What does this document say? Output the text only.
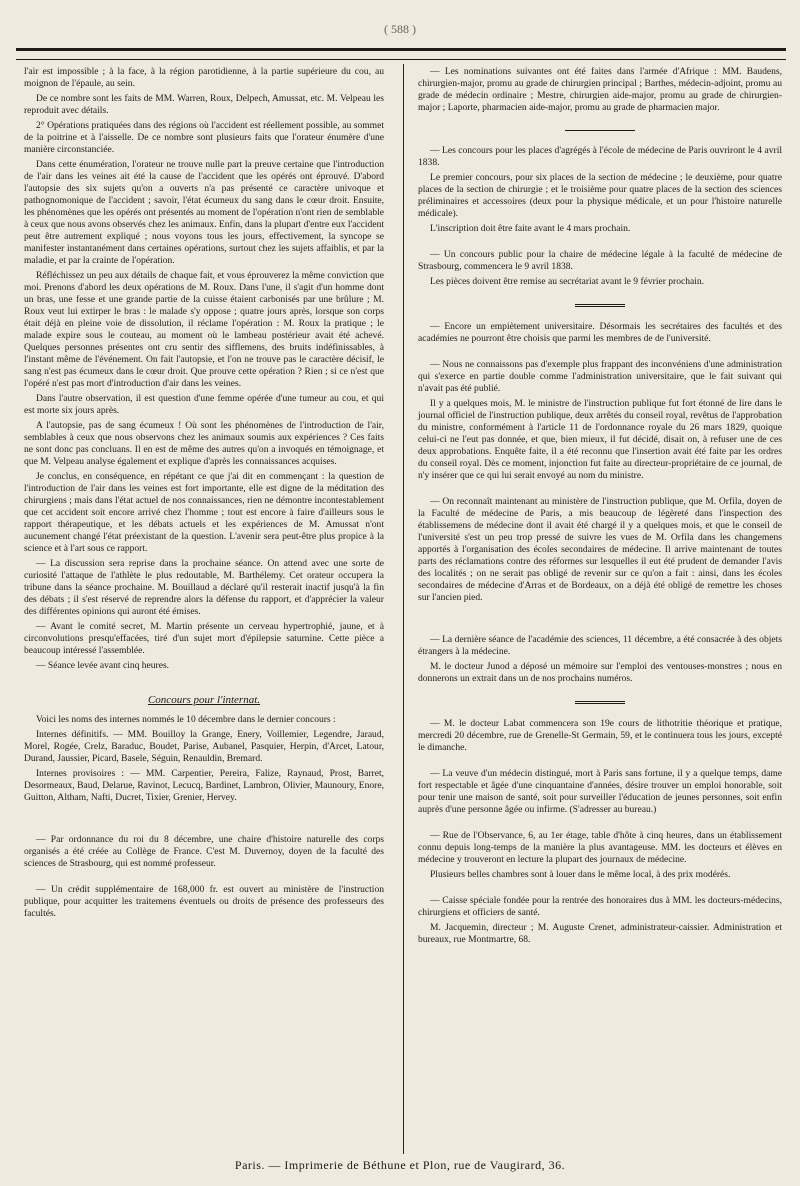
( 588 )

l'air est impossible ; à la face, à la région parotidienne, à la partie supérieure du cou, au moignon de l'épaule, au sein.

De ce nombre sont les faits de MM. Warren, Roux, Delpech, Amussat, etc. M. Velpeau les reproduit avec détails.

2° Opérations pratiquées dans des régions où l'accident est réellement possible, au sommet de la poitrine et à l'aisselle. De ce nombre sont plusieurs faits que l'orateur énumère d'une manière circonstanciée.

Dans cette énumération, l'orateur ne trouve nulle part la preuve certaine que l'introduction de l'air dans les veines ait été la cause de l'accident que les opérés ont éprouvé. D'abord l'autopsie des six sujets qu'on a ouverts n'a pas présenté ce caractère univoque et pathognomonique de l'accident ; savoir, l'état écumeux du sang dans le cœur droit. Ensuite, les phénomènes que les opérés ont présentés au moment de l'opération n'ont rien de semblable à ceux que nous avons observés chez les animaux. Enfin, dans la plupart d'entre eux l'accident peut être autrement expliqué ; nous voyons tous les jours, effectivement, la syncope se manifester instantanément dans certaines opérations, surtout chez les sujets affaiblis, et par la maladie, et par la crainte de l'opération.

Réfléchissez un peu aux détails de chaque fait, et vous éprouverez la même conviction que moi. Prenons d'abord les deux opérations de M. Roux. Dans l'une, il s'agit d'un homme dont un bras, une fesse et une grande partie de la cuisse étaient carbonisés par une brûlure ; M. Roux veut lui extirper le bras : le malade s'y oppose ; quatre jours après, lorsque son corps était déjà en pleine voie de dissolution, il réclame l'opération : M. Roux la pratique ; le malade expire sous le couteau, au moment où le lambeau postérieur avait été achevé. Quelques personnes présentes ont cru sentir des sifflemens, des bruits indéfinissables, à l'instant même de l'événement. On fait l'autopsie, et l'on ne trouve pas le caractère décisif, le sang n'est pas écumeux dans le cœur droit. Que prouve cette opération ? Rien ; si ce n'est que l'opéré n'est pas mort d'introduction d'air dans les veines.

Dans l'autre observation, il est question d'une femme opérée d'une tumeur au cou, et qui est morte six jours après.

A l'autopsie, pas de sang écumeux ! Où sont les phénomènes de l'introduction de l'air, semblables à ceux que nous observons chez les animaux soumis aux expériences ? Ces faits ne sont donc pas concluans. Il en est de même des autres qu'on a invoqués en témoignage, et que M. Velpeau analyse également et explique d'après les connaissances acquises.

Je conclus, en conséquence, en répétant ce que j'ai dit en commençant : la question de l'introduction de l'air dans les veines est fort importante, elle est digne de la méditation des chirurgiens ; mais dans l'état actuel de nos connaissances, rien ne démontre incontestablement que cet accident soit encore arrivé chez l'homme ; tout est encore à faire d'ailleurs sous le rapport thérapeutique, et les débats actuels et les expériences de M. Amussat n'ont aucunement changé l'état préexistant de la question. L'avenir sera peut-être plus propice à la science et à l'art sous ce rapport.

— La discussion sera reprise dans la prochaine séance. On attend avec une sorte de curiosité l'attaque de l'athlète le plus redoutable, M. Barthélemy. Cet orateur occupera la tribune dans la séance prochaine. M. Bouillaud a déclaré qu'il resterait inactif jusqu'à la fin des débats ; il s'est réservé de reprendre alors la défense du rapport, et d'apprécier la valeur des différentes opinions qui auront été émises.

— Avant le comité secret, M. Martin présente un cerveau hypertrophié, jaune, et à circonvolutions presqu'effacées, tiré d'un sujet mort d'épilepsie saturnine. Cette pièce a beaucoup intéressé l'assemblée.

— Séance levée avant cinq heures.

Concours pour l'internat.

Voici les noms des internes nommés le 10 décembre dans le dernier concours :

Internes définitifs. — MM. Bouilloy la Grange, Enery, Voillemier, Legendre, Jaraud, Morel, Rogée, Crelz, Baraduc, Boudet, Parise, Aubanel, Pasquier, Herpin, d'Arcet, Latour, Durand, Jaussier, Picard, Basele, Séguin, Renauldin, Bremard.

Internes provisoires : — MM. Carpentier, Pereira, Falize, Raynaud, Prost, Barret, Desormeaux, Baud, Delarue, Ravinot, Lecucq, Bardinet, Lambron, Olivier, Maunoury, Enore, Guitton, Altham, Nafti, Ducret, Tixier, Grenier, Hervey.

— Par ordonnance du roi du 8 décembre, une chaire d'histoire naturelle des corps organisés a été créée au Collège de France. C'est M. Duvernoy, doyen de la faculté des sciences de Strasbourg, qui est nommé professeur.

— Un crédit supplémentaire de 168,000 fr. est ouvert au ministère de l'instruction publique, pour acquitter les traitemens éventuels ou droits de présence des professeurs des facultés.

— Les nominations suivantes ont été faites dans l'armée d'Afrique : MM. Baudens, chirurgien-major, promu au grade de chirurgien principal ; Barthes, médecin-adjoint, promu au grade de médecin ordinaire ; Mestre, chirurgien aide-major, promu au grade de chirurgien-major ; Laporte, pharmacien aide-major, promu au grade de pharmacien major.

— Les concours pour les places d'agrégés à l'école de médecine de Paris ouvriront le 4 avril 1838.

Le premier concours, pour six places de la section de médecine ; le deuxième, pour quatre places de la section de chirurgie ; et le troisième pour quatre places de la section des sciences préliminaires et accessoires (deux pour la physique médicale, et un pour l'histoire naturelle médicale).

L'inscription doit être faite avant le 4 mars prochain.

— Un concours public pour la chaire de médecine légale à la faculté de médecine de Strasbourg, commencera le 9 avril 1838.

Les pièces doivent être remise au secrétariat avant le 9 février prochain.

— Encore un empiètement universitaire. Désormais les secrétaires des facultés et des académies ne pourront être choisis que parmi les membres de de l'université.

— Nous ne connaissons pas d'exemple plus frappant des inconvéniens d'une administration qui s'exerce en partie double comme l'administration universitaire, que le fait suivant qui n'avait pas été publié.

Il y a quelques mois, M. le ministre de l'instruction publique fut fort étonné de lire dans le journal officiel de l'instruction publique, deux arrêtés du conseil royal, revêtus de l'approbation du ministre, conformément à l'article 11 de l'ordonnance royale du 26 mars 1829, quoique celui-ci ne l'eut pas donnée, et que, bien mieux, il fut décidé, disait on, à refuser une de ces deux approbations. Enquête faite, il a été reconnu que l'insertion avait été faite par les ordres du conseil royal. Dès ce moment, injonction fut faite au directeur-propriétaire de ce journal, de n'y insérer que ce qui lui serait envoyé au nom du ministre.

— On reconnaît maintenant au ministère de l'instruction publique, que M. Orfila, doyen de la Faculté de médecine de Paris, a mis beaucoup de légèreté dans l'inspection des établissemens de médecine dont il avait été chargé il y a quelques mois, et que le conseil de l'université s'est un peu trop pressé de suivre les vues de M. Orfila dans les changemens apportés à l'organisation des écoles secondaires de médecine. Il arrive maintenant de toutes parts des réclamations contre des réformes sur lesquelles il eut été prudent de demander l'avis des localités ; on ne serait pas obligé de revenir sur ce qu'on a fait : ainsi, dans les écoles secondaires de médecine d'Arras et de Bordeaux, on a déjà été obligé de remettre les choses sur l'ancien pied.

— La dernière séance de l'académie des sciences, 11 décembre, a été consacrée à des objets étrangers à la médecine.

M. le docteur Junod a déposé un mémoire sur l'emploi des ventouses-monstres ; nous en donnerons un extrait dans un de nos prochains numéros.

— M. le docteur Labat commencera son 19e cours de lithotritie théorique et pratique, mercredi 20 décembre, rue de Grenelle-St Germain, 59, et le continuera tous les jours, excepté le dimanche.

— La veuve d'un médecin distingué, mort à Paris sans fortune, il y a quelque temps, dame fort respectable et âgée d'une cinquantaine d'années, désire trouver un emploi honorable, soit pour tenir une maison de santé, soit pour surveiller l'éducation de jeunes personnes, soit enfin auprès d'une personne âgée ou infirme. (S'adresser au bureau.)

— Rue de l'Observance, 6, au 1er étage, table d'hôte à cinq heures, dans un établissement connu depuis long-temps de la manière la plus avantageuse. MM. les docteurs et élèves en médecine y trouveront en lecture la plupart des journaux de médecine.

Plusieurs belles chambres sont à louer dans le même local, à des prix modérés.

— Caisse spéciale fondée pour la rentrée des honoraires dus à MM. les docteurs-médecins, chirurgiens et officiers de santé.

M. Jacquemin, directeur ; M. Auguste Crenet, administrateur-caissier. Administration et bureaux, rue Montmartre, 68.

Paris. — Imprimerie de Béthune et Plon, rue de Vaugirard, 36.
